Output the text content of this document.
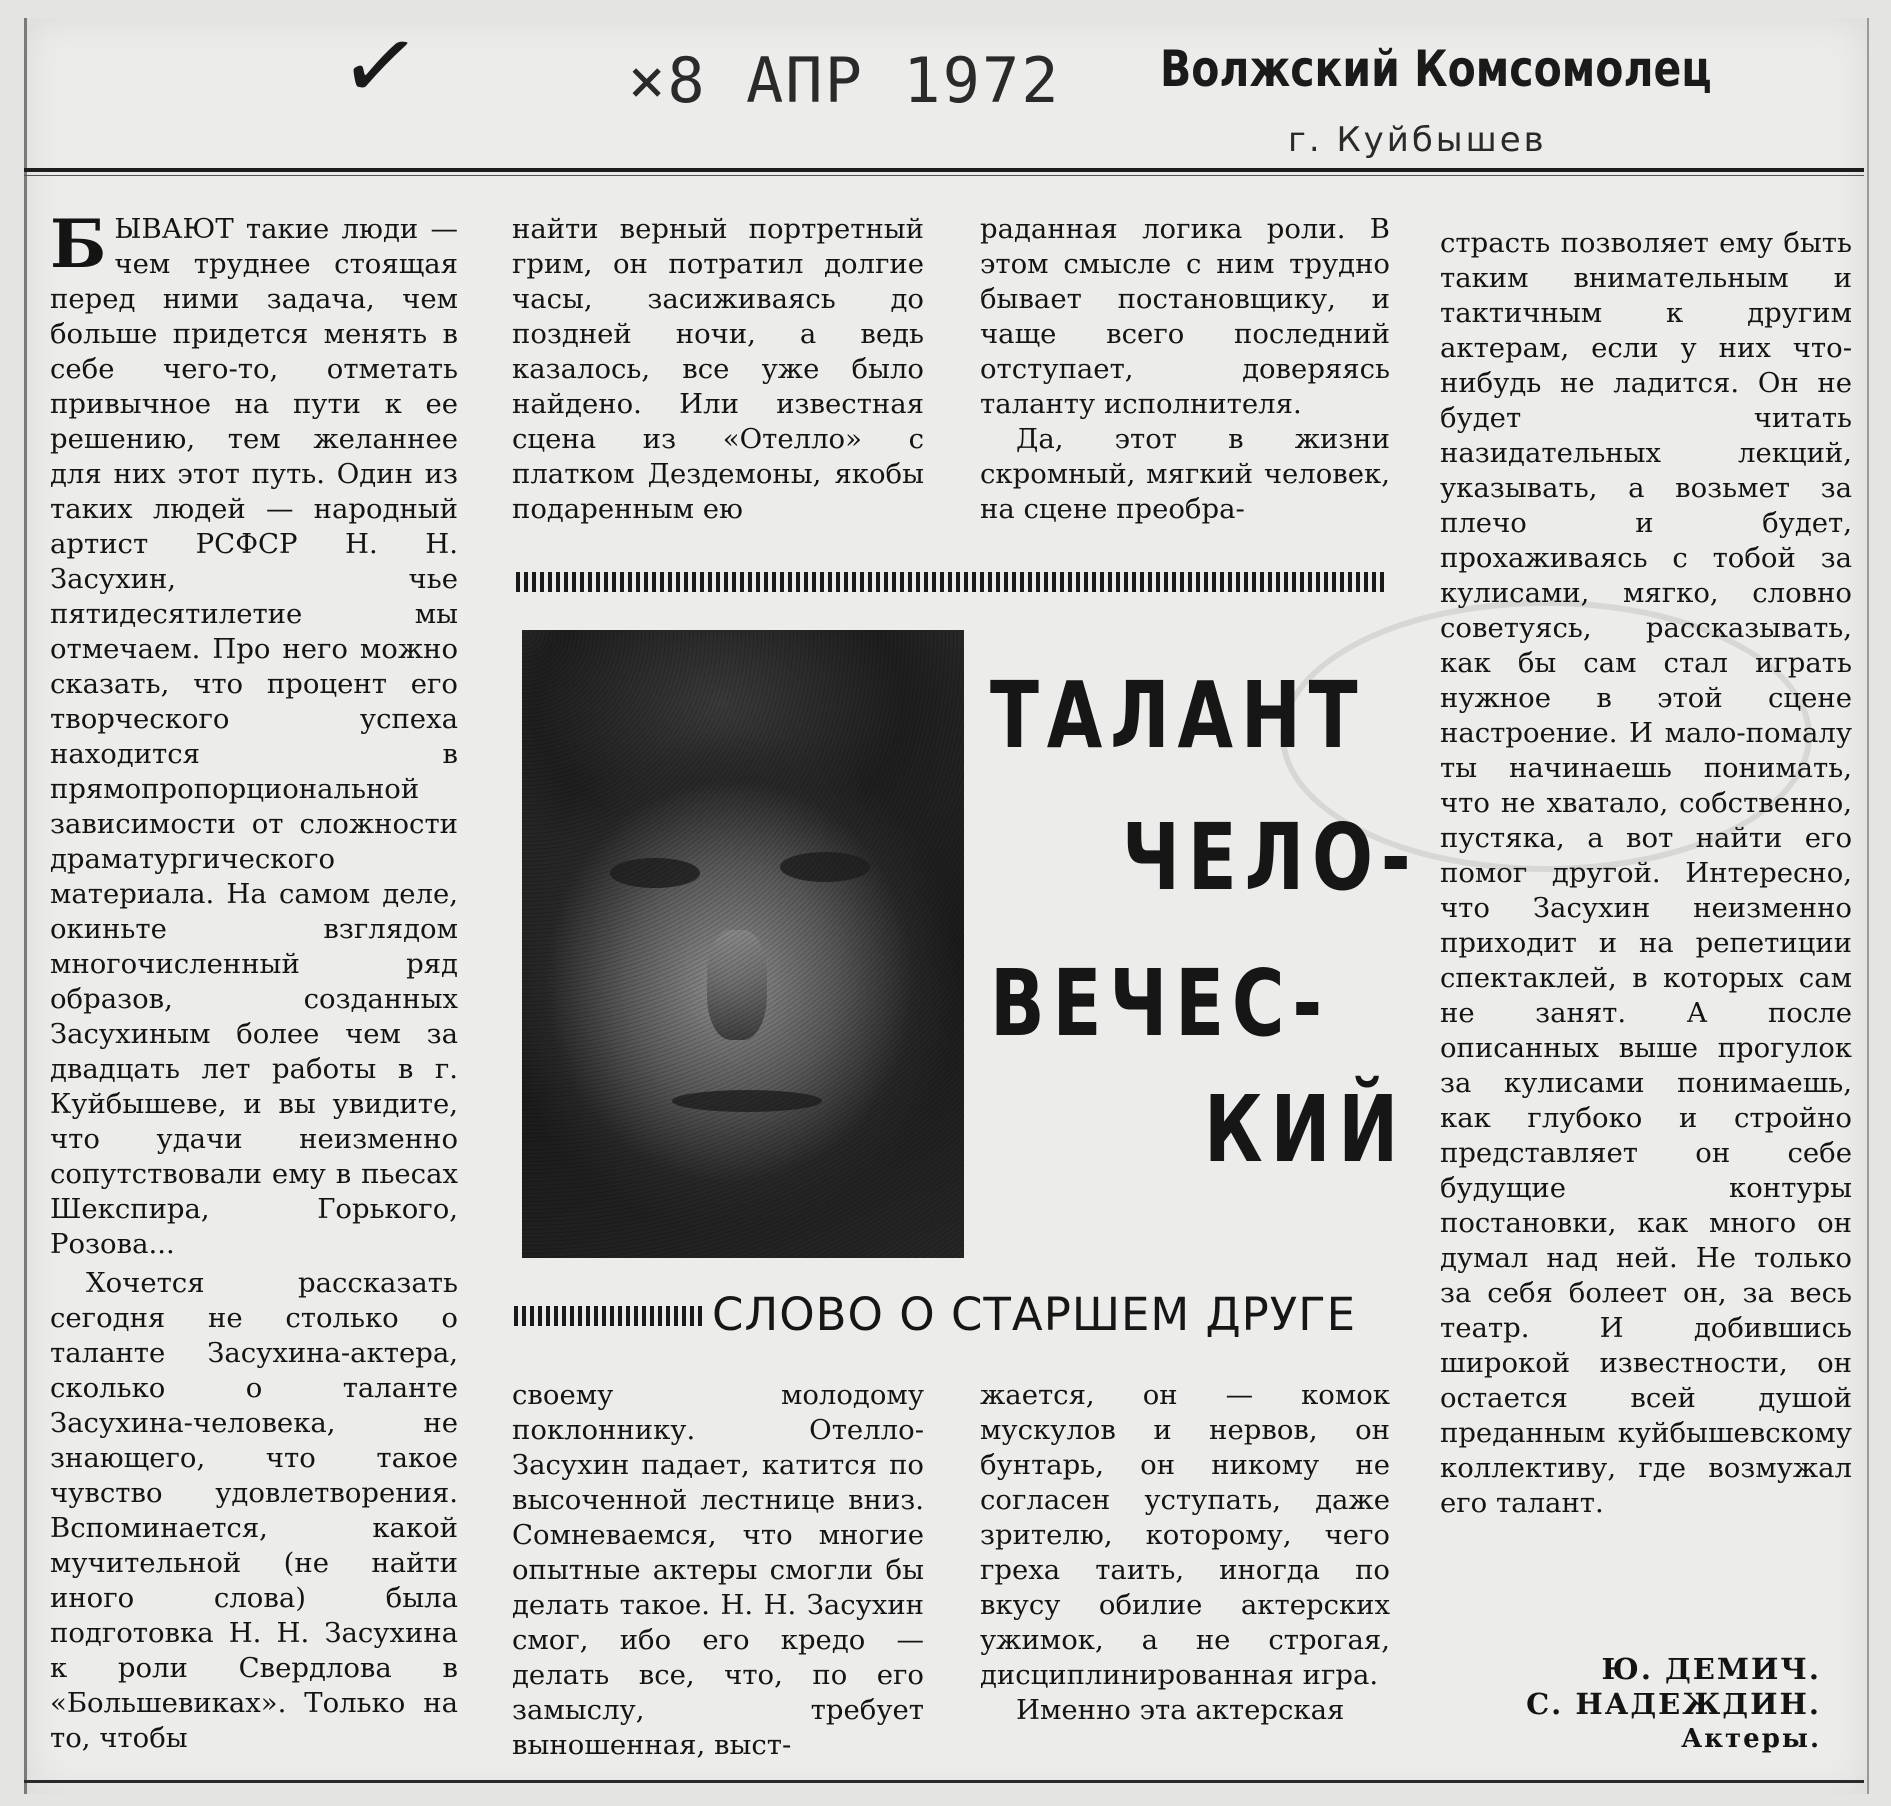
✓	×8 АПР 1972 Волжский Комсомолец
г. Куйбышев

БЫВАЮТ такие люди — чем труднее стоящая перед ними задача, чем больше придется менять в себе чего-то, отметать привычное на пути к ее решению, тем желаннее для них этот путь. Один из таких людей — народный артист РСФСР Н. Н. Засухин, чье пятидесятилетие мы отмечаем. Про него можно сказать, что процент его творческого успеха находится в прямопропорциональной зависимости от сложности драматургического материала. На самом деле, окиньте взглядом многочисленный ряд образов, созданных Засухиным более чем за двадцать лет работы в г. Куйбышеве, и вы увидите, что удачи неизменно сопутствовали ему в пьесах Шекспира, Горького, Розова...

Хочется рассказать сегодня не столько о таланте Засухина-актера, сколько о таланте Засухина-человека, не знающего, что такое чувство удовлетворения. Вспоминается, какой мучительной (не найти иного слова) была подготовка Н. Н. Засухина к роли Свердлова в «Большевиках». Только на то, чтобы

найти верный портретный грим, он потратил долгие часы, засиживаясь до поздней ночи, а ведь казалось, все уже было найдено. Или известная сцена из «Отелло» с платком Дездемоны, якобы подаренным ею

раданная логика роли. В этом смысле с ним трудно бывает постановщику, и чаще всего последний отступает, доверяясь таланту исполнителя.

Да, этот в жизни скромный, мягкий человек, на сцене преобра-

ТАЛАНТ
ЧЕЛО-
ВЕЧЕС-
КИЙ
СЛОВО О СТАРШЕМ ДРУГЕ

своему молодому поклоннику. Отелло-Засухин падает, катится по высоченной лестнице вниз. Сомневаемся, что многие опытные актеры смогли бы делать такое. Н. Н. Засухин смог, ибо его кредо — делать все, что, по его замыслу, требует выношенная, выст-

жается, он — комок мускулов и нервов, он бунтарь, он никому не согласен уступать, даже зрителю, которому, чего греха таить, иногда по вкусу обилие актерских ужимок, а не строгая, дисциплинированная игра.

Именно эта актерская

страсть позволяет ему быть таким внимательным и тактичным к другим актерам, если у них что-нибудь не ладится. Он не будет читать назидательных лекций, указывать, а возьмет за плечо и будет, прохаживаясь с тобой за кулисами, мягко, словно советуясь, рассказывать, как бы сам стал играть нужное в этой сцене настроение. И мало-помалу ты начинаешь понимать, что не хватало, собственно, пустяка, а вот найти его помог другой. Интересно, что Засухин неизменно приходит и на репетиции спектаклей, в которых сам не занят. А после описанных выше прогулок за кулисами понимаешь, как глубоко и стройно представляет он себе будущие контуры постановки, как много он думал над ней. Не только за себя болеет он, за весь театр. И добившись широкой известности, он остается всей душой преданным куйбышевскому коллективу, где возмужал его талант.

Ю. ДЕМИЧ.
С. НАДЕЖДИН.
Актеры.
